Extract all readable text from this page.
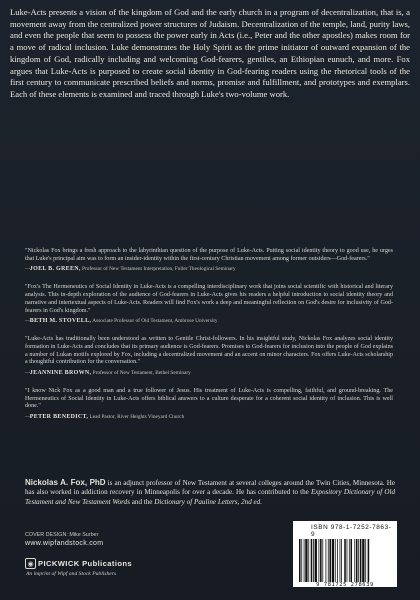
Luke-Acts presents a vision of the kingdom of God and the early church in a program of decentralization, that is, a movement away from the centralized power structures of Judaism. Decentralization of the temple, land, purity laws, and even the people that seem to possess the power early in Acts (i.e., Peter and the other apostles) makes room for a move of radical inclusion. Luke demonstrates the Holy Spirit as the prime initiator of outward expansion of the kingdom of God, radically including and welcoming God-fearers, gentiles, an Ethiopian eunuch, and more. Fox argues that Luke-Acts is purposed to create social identity in God-fearing readers using the rhetorical tools of the first century to communicate prescribed beliefs and norms, promise and fulfillment, and prototypes and exemplars. Each of these elements is examined and traced through Luke's two-volume work.

"Nickolas Fox brings a fresh approach to the labyrinthian question of the purpose of Luke-Acts. Putting social identity theory to good use, he urges that Luke's principal aim was to form an insider-identity within the first-century Christian movement among former outsiders—God-fearers."

—JOEL B. GREEN, Professor of New Testament Interpretation, Fuller Theological Seminary

"Fox's The Hermeneutics of Social Identity in Luke-Acts is a compelling interdisciplinary work that joins social scientific with historical and literary analysis. This in-depth exploration of the audience of God-fearers in Luke-Acts gives his readers a helpful introduction to social identity theory and narrative and intertextual aspects of Luke-Acts. Readers will find Fox's work a deep and meaningful reflection on God's desire for inclusivity of God-fearers in God's kingdom."

—BETH M. STOVELL, Associate Professor of Old Testament, Ambrose University

"Luke-Acts has traditionally been understood as written to Gentile Christ-followers. In his insightful study, Nickolas Fox analyzes social identity formation in Luke-Acts and concludes that its primary audience is God-fearers. Promises to God-fearers for inclusion into the people of God explains a number of Lukan motifs explored by Fox, including a decentralized movement and an accent on minor characters. Fox offers Luke-Acts scholarship a thoughtful contribution for the conversation."

—JEANNINE BROWN, Professor of New Testament, Bethel Seminary

"I know Nick Fox as a good man and a true follower of Jesus. His treatment of Luke-Acts is compelling, faithful, and ground-breaking. The Hermeneutics of Social Identity in Luke-Acts offers biblical answers to a culture desperate for a coherent social identity of inclusion. This is well done."

—PETER BENEDICT, Lead Pastor, River Heights Vineyard Church

Nickolas A. Fox, PhD is an adjunct professor of New Testament at several colleges around the Twin Cities, Minnesota. He has also worked in addiction recovery in Minneapolis for over a decade. He has contributed to the Expository Dictionary of Old Testament and New Testament Words and the Dictionary of Pauline Letters, 2nd ed.

COVER DESIGN: Mike Surber
www.wipfandstock.com
◉ PICKWICK Publications
An imprint of Wipf and Stock Publishers
ISBN 978-1-7252-7863-9
9 781725 278639
